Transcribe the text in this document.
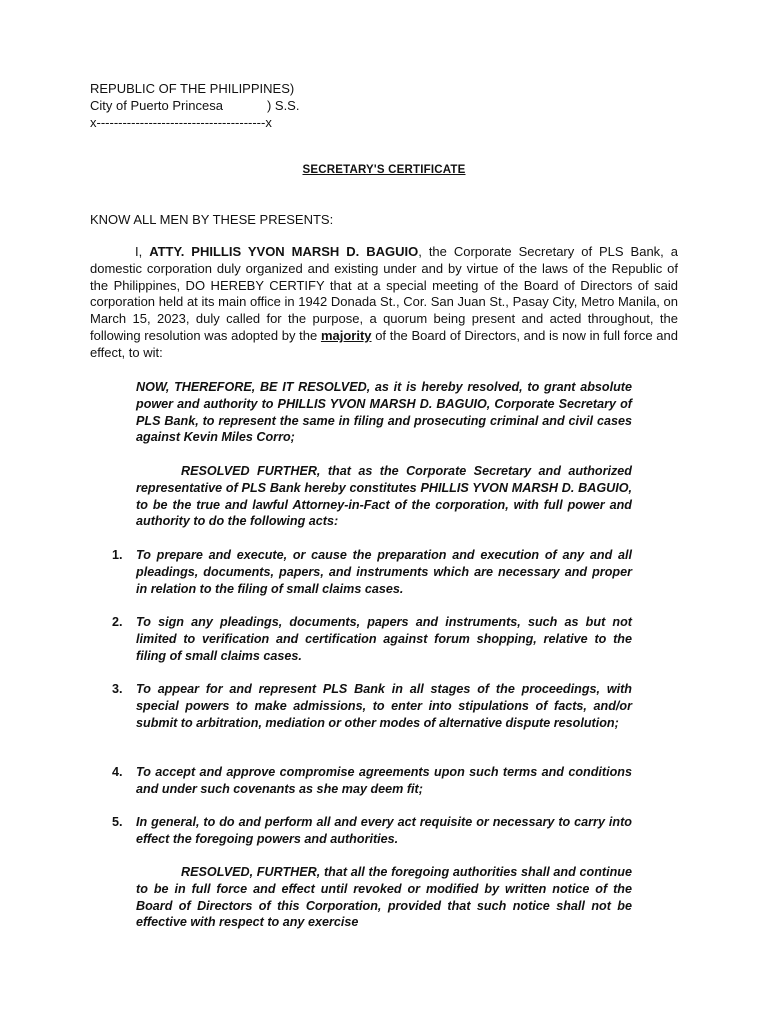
REPUBLIC OF THE PHILIPPINES)
City of Puerto Princesa	) S.S.
x---------------------------------------x
SECRETARY'S CERTIFICATE
KNOW ALL MEN BY THESE PRESENTS:

I, ATTY. PHILLIS YVON MARSH D. BAGUIO, the Corporate Secretary of PLS Bank, a domestic corporation duly organized and existing under and by virtue of the laws of the Republic of the Philippines, DO HEREBY CERTIFY that at a special meeting of the Board of Directors of said corporation held at its main office in 1942 Donada St., Cor. San Juan St., Pasay City, Metro Manila, on March 15, 2023, duly called for the purpose, a quorum being present and acted throughout, the following resolution was adopted by the majority of the Board of Directors, and is now in full force and effect, to wit:

NOW, THEREFORE, BE IT RESOLVED, as it is hereby resolved, to grant absolute power and authority to PHILLIS YVON MARSH D. BAGUIO, Corporate Secretary of PLS Bank, to represent the same in filing and prosecuting criminal and civil cases against Kevin Miles Corro;

RESOLVED FURTHER, that as the Corporate Secretary and authorized representative of PLS Bank hereby constitutes PHILLIS YVON MARSH D. BAGUIO, to be the true and lawful Attorney-in-Fact of the corporation, with full power and authority to do the following acts:

1. To prepare and execute, or cause the preparation and execution of any and all pleadings, documents, papers, and instruments which are necessary and proper in relation to the filing of small claims cases.
2. To sign any pleadings, documents, papers and instruments, such as but not limited to verification and certification against forum shopping, relative to the filing of small claims cases.
3. To appear for and represent PLS Bank in all stages of the proceedings, with special powers to make admissions, to enter into stipulations of facts, and/or submit to arbitration, mediation or other modes of alternative dispute resolution;
4. To accept and approve compromise agreements upon such terms and conditions and under such covenants as she may deem fit;
5. In general, to do and perform all and every act requisite or necessary to carry into effect the foregoing powers and authorities.

RESOLVED, FURTHER, that all the foregoing authorities shall and continue to be in full force and effect until revoked or modified by written notice of the Board of Directors of this Corporation, provided that such notice shall not be effective with respect to any exercise
